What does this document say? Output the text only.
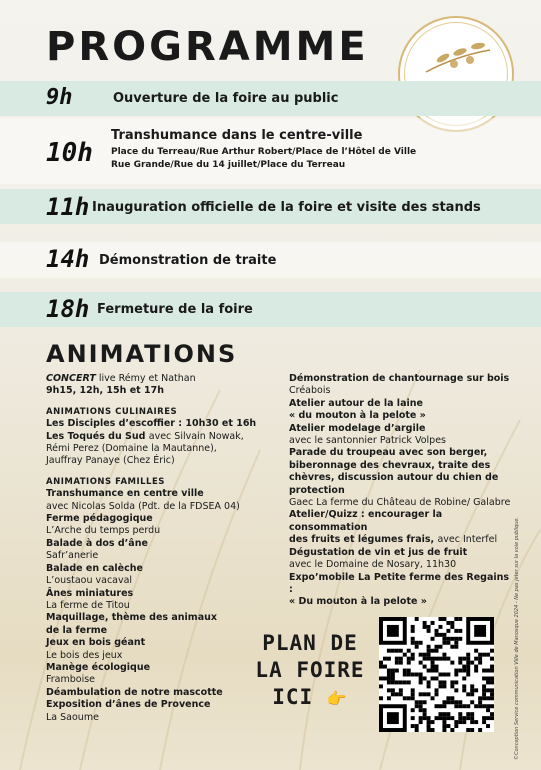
PROGRAMME
9h	Ouverture de la foire au public
10h
Transhumance dans le centre-ville
Place du Terreau/Rue Arthur Robert/Place de l’Hôtel de Ville
Rue Grande/Rue du 14 juillet/Place du Terreau
11h Inauguration officielle de la foire et visite des stands
14h Démonstration de traite
18h Fermeture de la foire
ANIMATIONS
CONCERT live Rémy et Nathan
9h15, 12h, 15h et 17h
ANIMATIONS CULINAIRES
Les Disciples d’escoffier : 10h30 et 16h
Les Toqués du Sud avec Silvain Nowak,
Rémi Perez (Domaine la Mautanne),
Jauffray Panaye (Chez Éric)
ANIMATIONS FAMILLES
Transhumance en centre ville
avec Nicolas Solda (Pdt. de la FDSEA 04)
Ferme pédagogique
L’Arche du temps perdu
Balade à dos d’âne
Safr’anerie
Balade en calèche
L’oustaou vacaval
Ânes miniatures
La ferme de Titou
Maquillage, thème des animaux
de la ferme
Jeux en bois géant
Le bois des jeux
Manège écologique
Framboise
Déambulation de notre mascotte
Exposition d’ânes de Provence
La Saoume
Démonstration de chantournage sur bois
Créabois
Atelier autour de la laine
« du mouton à la pelote »
Atelier modelage d’argile
avec le santonnier Patrick Volpes
Parade du troupeau avec son berger,
biberonnage des chevraux, traite des
chèvres, discussion autour du chien de
protection
Gaec La ferme du Château de Robine/ Galabre
Atelier/Quizz : encourager la consommation
des fruits et légumes frais, avec Interfel
Dégustation de vin et jus de fruit
avec le Domaine de Nosary, 11h30
Expo’mobile La Petite ferme des Regains :
« Du mouton à la pelote »
PLAN DE
LA FOIRE
ICI 👉	©Conception Service communication Ville de Manosque 2024 - Ne pas jeter sur la voie publique.
